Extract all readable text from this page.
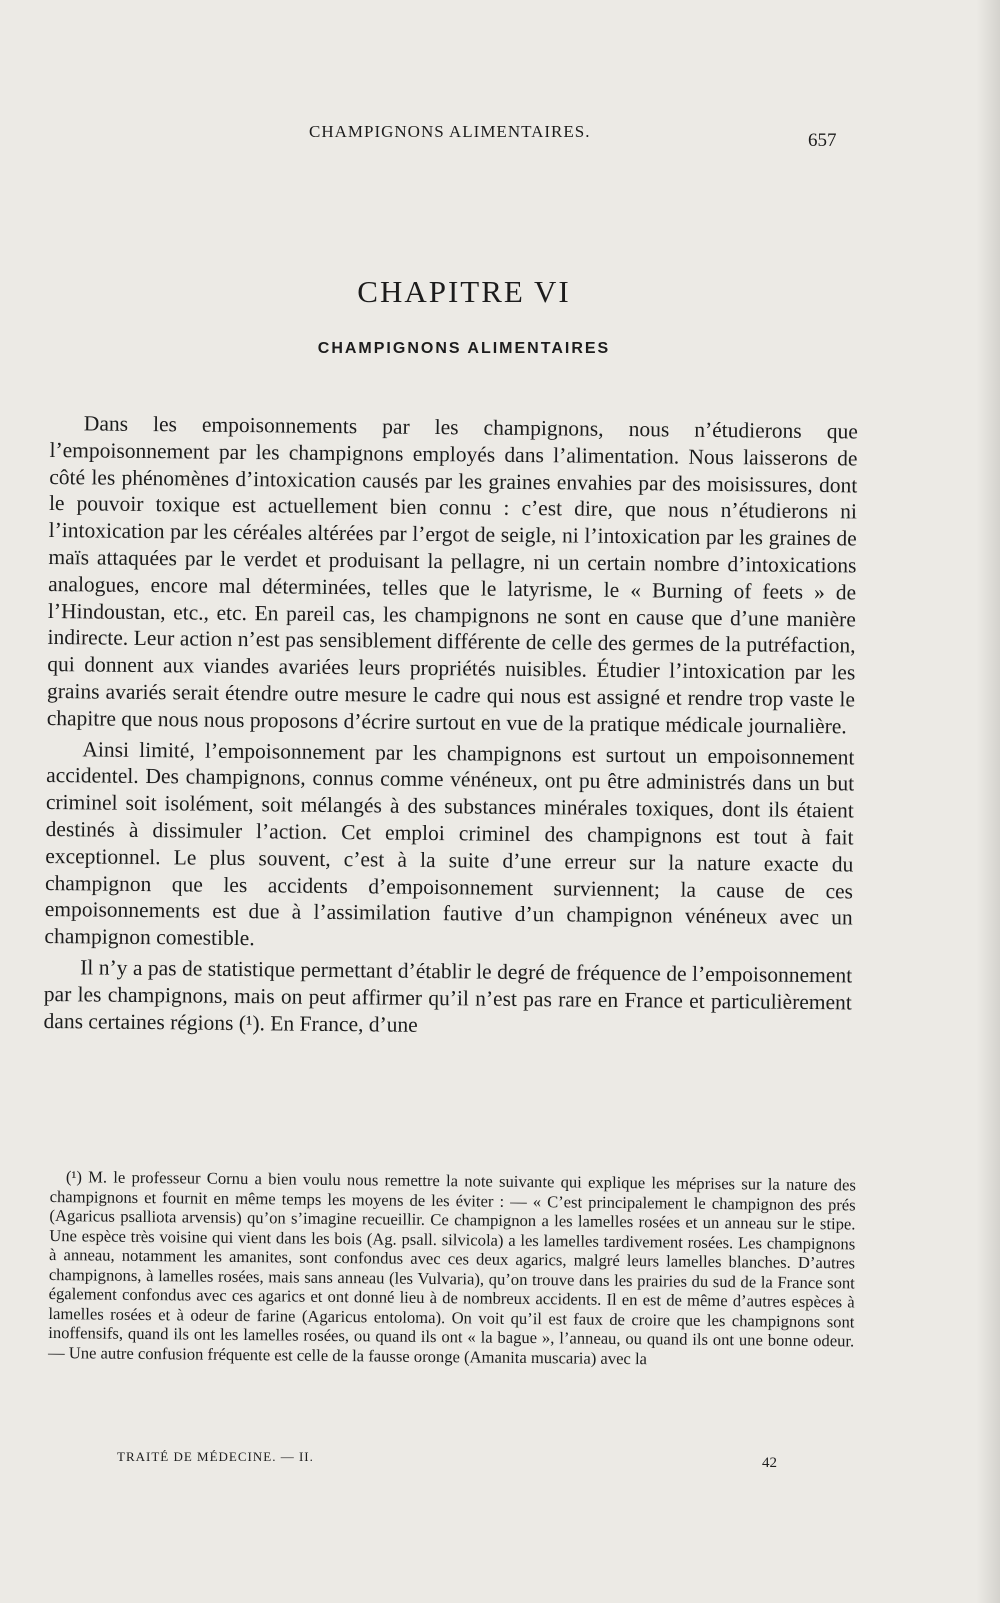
CHAMPIGNONS ALIMENTAIRES.	657
CHAPITRE VI
CHAMPIGNONS ALIMENTAIRES

Dans les empoisonnements par les champignons, nous n’étudierons que l’empoisonnement par les champignons employés dans l’alimentation. Nous laisserons de côté les phénomènes d’intoxication causés par les graines envahies par des moisissures, dont le pouvoir toxique est actuellement bien connu : c’est dire, que nous n’étudierons ni l’intoxication par les céréales altérées par l’ergot de seigle, ni l’intoxication par les graines de maïs attaquées par le verdet et produisant la pellagre, ni un certain nombre d’intoxications analogues, encore mal déterminées, telles que le latyrisme, le « Burning of feets » de l’Hindoustan, etc., etc. En pareil cas, les champignons ne sont en cause que d’une manière indirecte. Leur action n’est pas sensiblement différente de celle des germes de la putréfaction, qui donnent aux viandes avariées leurs propriétés nuisibles. Étudier l’intoxication par les grains avariés serait étendre outre mesure le cadre qui nous est assigné et rendre trop vaste le chapitre que nous nous proposons d’écrire surtout en vue de la pratique médicale journalière.

Ainsi limité, l’empoisonnement par les champignons est surtout un empoisonnement accidentel. Des champignons, connus comme vénéneux, ont pu être administrés dans un but criminel soit isolément, soit mélangés à des substances minérales toxiques, dont ils étaient destinés à dissimuler l’action. Cet emploi criminel des champignons est tout à fait exceptionnel. Le plus souvent, c’est à la suite d’une erreur sur la nature exacte du champignon que les accidents d’empoisonnement surviennent; la cause de ces empoisonnements est due à l’assimilation fautive d’un champignon vénéneux avec un champignon comestible.

Il n’y a pas de statistique permettant d’établir le degré de fréquence de l’empoisonnement par les champignons, mais on peut affirmer qu’il n’est pas rare en France et particulièrement dans certaines régions (¹). En France, d’une

(¹) M. le professeur Cornu a bien voulu nous remettre la note suivante qui explique les méprises sur la nature des champignons et fournit en même temps les moyens de les éviter : — « C’est principalement le champignon des prés (Agaricus psalliota arvensis) qu’on s’imagine recueillir. Ce champignon a les lamelles rosées et un anneau sur le stipe. Une espèce très voisine qui vient dans les bois (Ag. psall. silvicola) a les lamelles tardivement rosées. Les champignons à anneau, notamment les amanites, sont confondus avec ces deux agarics, malgré leurs lamelles blanches. D’autres champignons, à lamelles rosées, mais sans anneau (les Vulvaria), qu’on trouve dans les prairies du sud de la France sont également confondus avec ces agarics et ont donné lieu à de nombreux accidents. Il en est de même d’autres espèces à lamelles rosées et à odeur de farine (Agaricus entoloma). On voit qu’il est faux de croire que les champignons sont inoffensifs, quand ils ont les lamelles rosées, ou quand ils ont « la bague », l’anneau, ou quand ils ont une bonne odeur. — Une autre confusion fréquente est celle de la fausse oronge (Amanita muscaria) avec la

TRAITÉ DE MÉDECINE. — II.	42
